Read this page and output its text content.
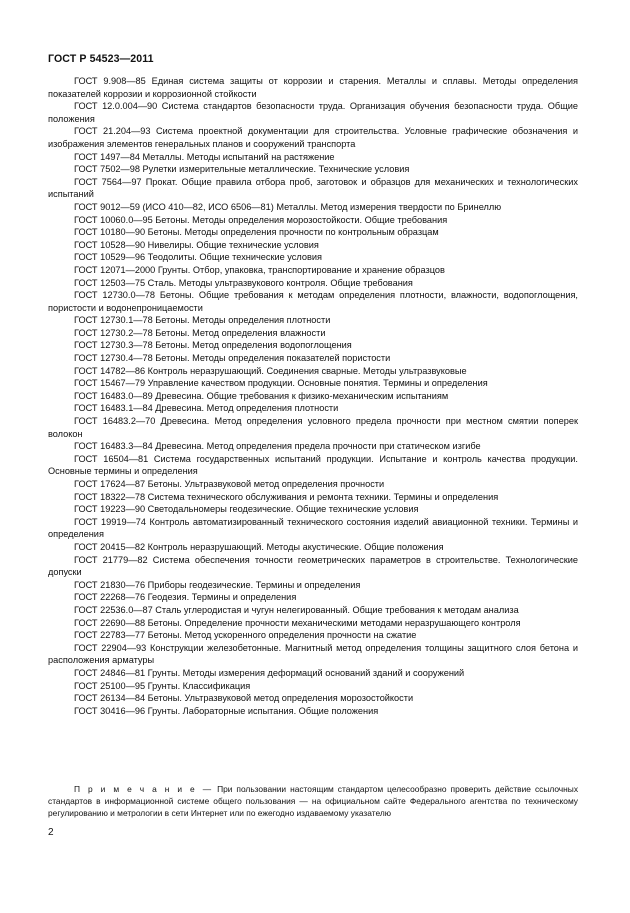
ГОСТ Р 54523—2011

ГОСТ 9.908—85 Единая система защиты от коррозии и старения. Металлы и сплавы. Методы определения показателей коррозии и коррозионной стойкости

ГОСТ 12.0.004—90 Система стандартов безопасности труда. Организация обучения безопасности труда. Общие положения

ГОСТ 21.204—93 Система проектной документации для строительства. Условные графические обозначения и изображения элементов генеральных планов и сооружений транспорта

ГОСТ 1497—84 Металлы. Методы испытаний на растяжение

ГОСТ 7502—98 Рулетки измерительные металлические. Технические условия

ГОСТ 7564—97 Прокат. Общие правила отбора проб, заготовок и образцов для механических и технологических испытаний

ГОСТ 9012—59 (ИСО 410—82, ИСО 6506—81) Металлы. Метод измерения твердости по Бринеллю

ГОСТ 10060.0—95 Бетоны. Методы определения морозостойкости. Общие требования

ГОСТ 10180—90 Бетоны. Методы определения прочности по контрольным образцам

ГОСТ 10528—90 Нивелиры. Общие технические условия

ГОСТ 10529—96 Теодолиты. Общие технические условия

ГОСТ 12071—2000 Грунты. Отбор, упаковка, транспортирование и хранение образцов

ГОСТ 12503—75 Сталь. Методы ультразвукового контроля. Общие требования

ГОСТ 12730.0—78 Бетоны. Общие требования к методам определения плотности, влажности, водопоглощения, пористости и водонепроницаемости

ГОСТ 12730.1—78 Бетоны. Методы определения плотности

ГОСТ 12730.2—78 Бетоны. Метод определения влажности

ГОСТ 12730.3—78 Бетоны. Метод определения водопоглощения

ГОСТ 12730.4—78 Бетоны. Методы определения показателей пористости

ГОСТ 14782—86 Контроль неразрушающий. Соединения сварные. Методы ультразвуковые

ГОСТ 15467—79 Управление качеством продукции. Основные понятия. Термины и определения

ГОСТ 16483.0—89 Древесина. Общие требования к физико-механическим испытаниям

ГОСТ 16483.1—84 Древесина. Метод определения плотности

ГОСТ 16483.2—70 Древесина. Метод определения условного предела прочности при местном смятии поперек волокон

ГОСТ 16483.3—84 Древесина. Метод определения предела прочности при статическом изгибе

ГОСТ 16504—81 Система государственных испытаний продукции. Испытание и контроль качества продукции. Основные термины и определения

ГОСТ 17624—87 Бетоны. Ультразвуковой метод определения прочности

ГОСТ 18322—78 Система технического обслуживания и ремонта техники. Термины и определения

ГОСТ 19223—90 Светодальномеры геодезические. Общие технические условия

ГОСТ 19919—74 Контроль автоматизированный технического состояния изделий авиационной техники. Термины и определения

ГОСТ 20415—82 Контроль неразрушающий. Методы акустические. Общие положения

ГОСТ 21779—82 Система обеспечения точности геометрических параметров в строительстве. Технологические допуски

ГОСТ 21830—76 Приборы геодезические. Термины и определения

ГОСТ 22268—76 Геодезия. Термины и определения

ГОСТ 22536.0—87 Сталь углеродистая и чугун нелегированный. Общие требования к методам анализа

ГОСТ 22690—88 Бетоны. Определение прочности механическими методами неразрушающего контроля

ГОСТ 22783—77 Бетоны. Метод ускоренного определения прочности на сжатие

ГОСТ 22904—93 Конструкции железобетонные. Магнитный метод определения толщины защитного слоя бетона и расположения арматуры

ГОСТ 24846—81 Грунты. Методы измерения деформаций оснований зданий и сооружений

ГОСТ 25100—95 Грунты. Классификация

ГОСТ 26134—84 Бетоны. Ультразвуковой метод определения морозостойкости

ГОСТ 30416—96 Грунты. Лабораторные испытания. Общие положения

П р и м е ч а н и е — При пользовании настоящим стандартом целесообразно проверить действие ссылочных стандартов в информационной системе общего пользования — на официальном сайте Федерального агентства по техническому регулированию и метрологии в сети Интернет или по ежегодно издаваемому указателю

2
